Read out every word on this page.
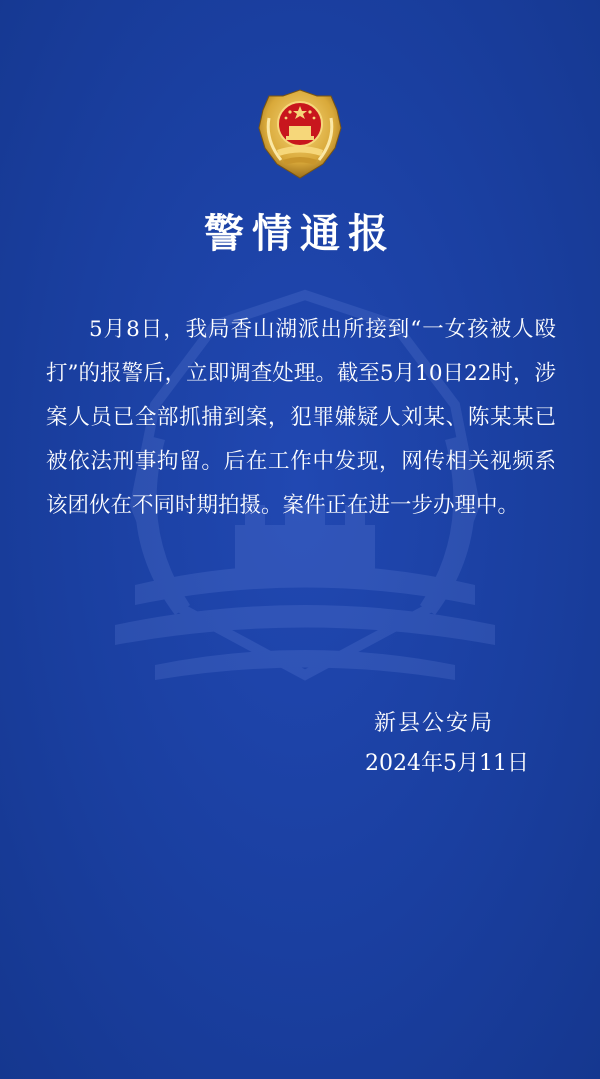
警情通报
5月8日，我局香山湖派出所接到“一女孩被人殴打”的报警后，立即调查处理。截至5月10日22时，涉案人员已全部抓捕到案，犯罪嫌疑人刘某、陈某某已被依法刑事拘留。后在工作中发现，网传相关视频系该团伙在不同时期拍摄。案件正在进一步办理中。
新县公安局
2024年5月11日
